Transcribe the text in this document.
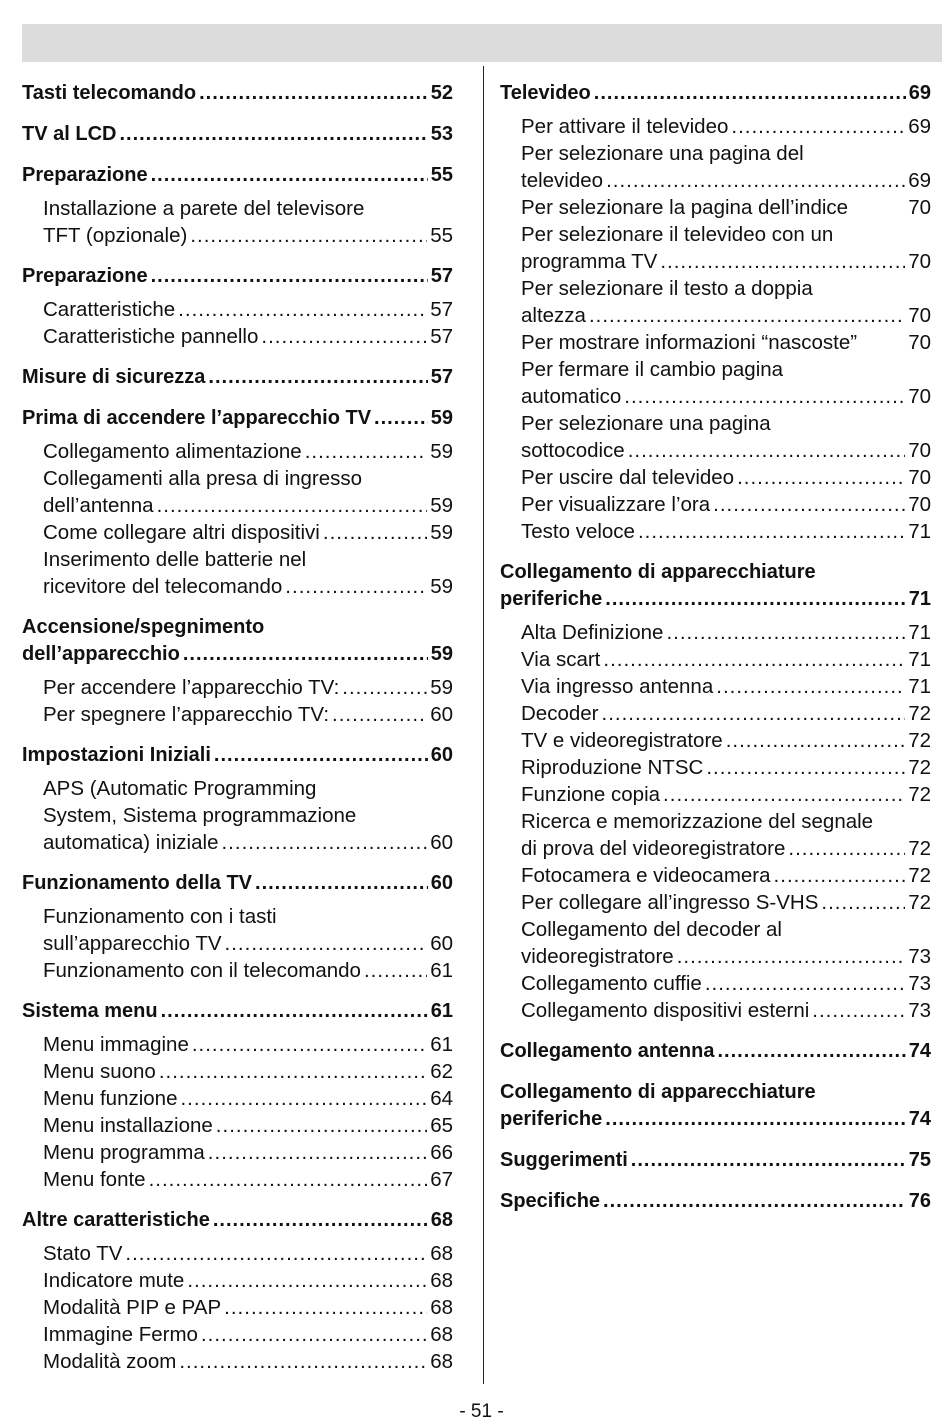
Tasti telecomando .....	52
TV al LCD .....	53
Preparazione .....	55
Installazione a parete del televisore
TFT (opzionale) .....	55
Preparazione .....	57
Caratteristiche .....	57
Caratteristiche pannello .....	57
Misure di sicurezza .....	57
Prima di accendere l’apparecchio TV .....	59
Collegamento alimentazione .....	59
Collegamenti alla presa di ingresso
dell’antenna .....	59
Come collegare altri dispositivi .....	59
Inserimento delle batterie nel
ricevitore del telecomando .....	59
Accensione/spegnimento
dell’apparecchio .....	59
Per accendere l’apparecchio TV: .....	59
Per spegnere l’apparecchio TV: .....	60
Impostazioni Iniziali .....	60
APS (Automatic Programming
System, Sistema programmazione
automatica) iniziale .....	60
Funzionamento della TV .....	60
Funzionamento con i tasti
sull’apparecchio TV .....	60
Funzionamento con il telecomando .....	61
Sistema menu .....	61
Menu immagine .....	61
Menu suono .....	62
Menu funzione .....	64
Menu installazione .....	65
Menu programma .....	66
Menu fonte .....	67
Altre caratteristiche .....	68
Stato TV .....	68
Indicatore mute .....	68
Modalità PIP e PAP .....	68
Immagine Fermo .....	68
Modalità zoom .....	68
Televideo .....	69
Per attivare il televideo .....	69
Per selezionare una pagina del
televideo .....	69
Per selezionare la pagina dell’indice	70
Per selezionare il televideo con un
programma TV .....	70
Per selezionare il testo a doppia
altezza .....	70
Per mostrare informazioni “nascoste” 70
Per fermare il cambio pagina
automatico .....	70
Per selezionare una pagina
sottocodice .....	70
Per uscire dal televideo .....	70
Per visualizzare l’ora .....	70
Testo veloce .....	71
Collegamento di apparecchiature
periferiche .....	71
Alta Definizione .....	71
Via scart .....	71
Via ingresso antenna .....	71
Decoder .....	72
TV e videoregistratore .....	72
Riproduzione NTSC .....	72
Funzione copia .....	72
Ricerca e memorizzazione del segnale
di prova del videoregistratore .....	72
Fotocamera e videocamera .....	72
Per collegare all’ingresso S-VHS .....	72
Collegamento del decoder al
videoregistratore .....	73
Collegamento cuffie .....	73
Collegamento dispositivi esterni .....	73
Collegamento antenna .....	74
Collegamento di apparecchiature
periferiche .....	74
Suggerimenti .....	75
Specifiche .....	76
- 51 -
